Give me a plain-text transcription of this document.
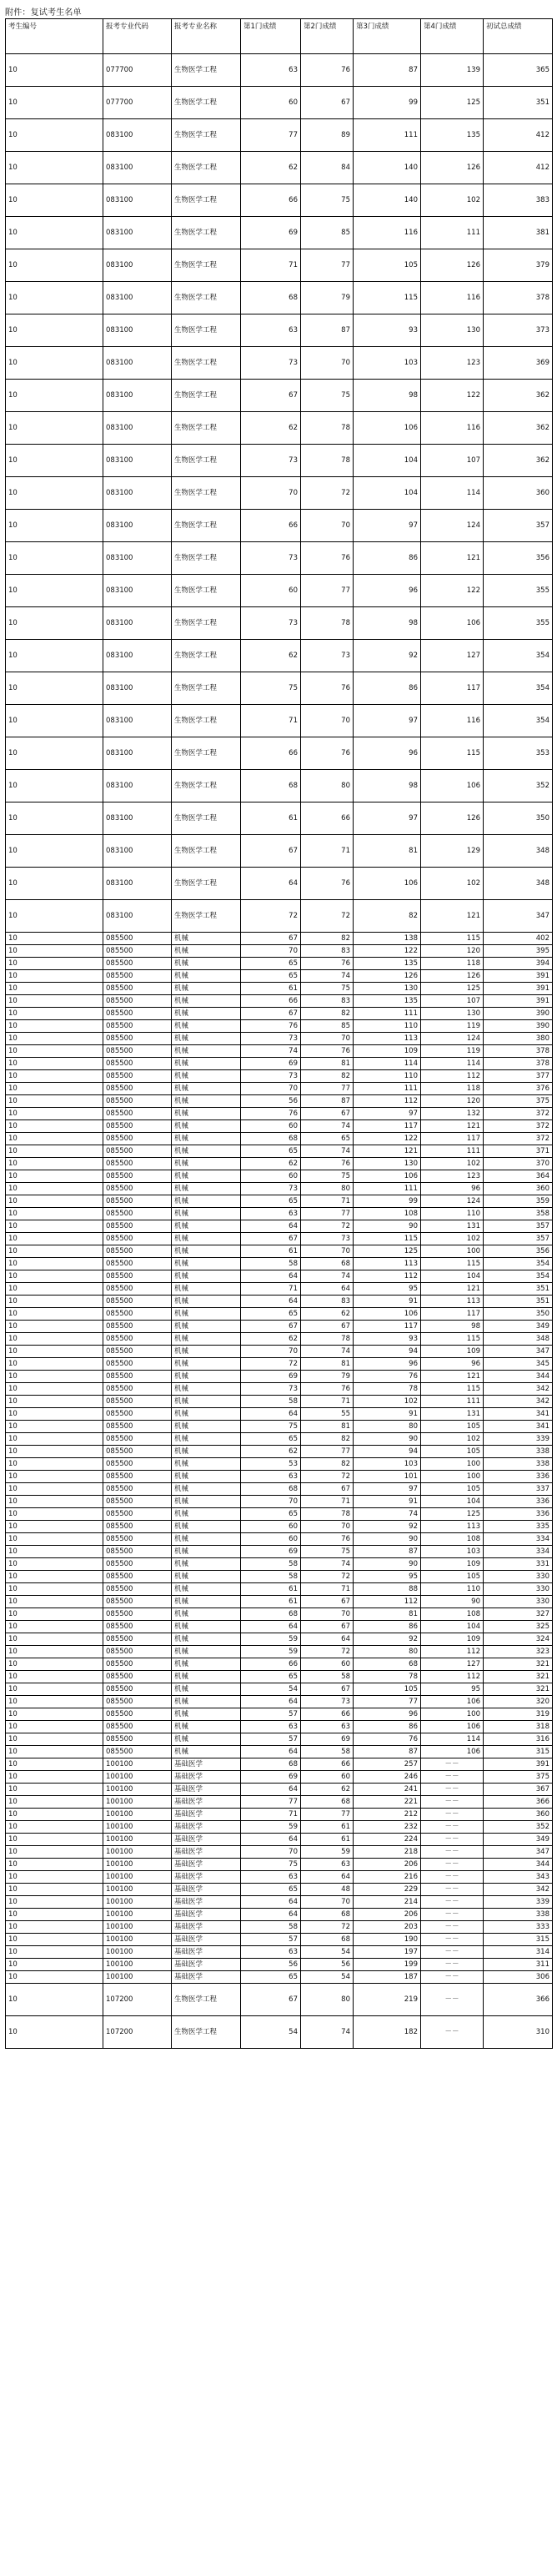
附件：复试考生名单
考生编号	报考专业代码	报考专业名称	第1门成绩	第2门成绩	第3门成绩	第4门成绩	初试总成绩
10	077700	生物医学工程	63	76	87	139	365
10	077700	生物医学工程	60	67	99	125	351
10	083100	生物医学工程	77	89	111	135	412
10	083100	生物医学工程	62	84	140	126	412
10	083100	生物医学工程	66	75	140	102	383
10	083100	生物医学工程	69	85	116	111	381
10	083100	生物医学工程	71	77	105	126	379
10	083100	生物医学工程	68	79	115	116	378
10	083100	生物医学工程	63	87	93	130	373
10	083100	生物医学工程	73	70	103	123	369
10	083100	生物医学工程	67	75	98	122	362
10	083100	生物医学工程	62	78	106	116	362
10	083100	生物医学工程	73	78	104	107	362
10	083100	生物医学工程	70	72	104	114	360
10	083100	生物医学工程	66	70	97	124	357
10	083100	生物医学工程	73	76	86	121	356
10	083100	生物医学工程	60	77	96	122	355
10	083100	生物医学工程	73	78	98	106	355
10	083100	生物医学工程	62	73	92	127	354
10	083100	生物医学工程	75	76	86	117	354
10	083100	生物医学工程	71	70	97	116	354
10	083100	生物医学工程	66	76	96	115	353
10	083100	生物医学工程	68	80	98	106	352
10	083100	生物医学工程	61	66	97	126	350
10	083100	生物医学工程	67	71	81	129	348
10	083100	生物医学工程	64	76	106	102	348
10	083100	生物医学工程	72	72	82	121	347
10	085500	机械	67	82	138	115	402
10	085500	机械	70	83	122	120	395
10	085500	机械	65	76	135	118	394
10	085500	机械	65	74	126	126	391
10	085500	机械	61	75	130	125	391
10	085500	机械	66	83	135	107	391
10	085500	机械	67	82	111	130	390
10	085500	机械	76	85	110	119	390
10	085500	机械	73	70	113	124	380
10	085500	机械	74	76	109	119	378
10	085500	机械	69	81	114	114	378
10	085500	机械	73	82	110	112	377
10	085500	机械	70	77	111	118	376
10	085500	机械	56	87	112	120	375
10	085500	机械	76	67	97	132	372
10	085500	机械	60	74	117	121	372
10	085500	机械	68	65	122	117	372
10	085500	机械	65	74	121	111	371
10	085500	机械	62	76	130	102	370
10	085500	机械	60	75	106	123	364
10	085500	机械	73	80	111	96	360
10	085500	机械	65	71	99	124	359
10	085500	机械	63	77	108	110	358
10	085500	机械	64	72	90	131	357
10	085500	机械	67	73	115	102	357
10	085500	机械	61	70	125	100	356
10	085500	机械	58	68	113	115	354
10	085500	机械	64	74	112	104	354
10	085500	机械	71	64	95	121	351
10	085500	机械	64	83	91	113	351
10	085500	机械	65	62	106	117	350
10	085500	机械	67	67	117	98	349
10	085500	机械	62	78	93	115	348
10	085500	机械	70	74	94	109	347
10	085500	机械	72	81	96	96	345
10	085500	机械	69	79	76	121	344
10	085500	机械	73	76	78	115	342
10	085500	机械	58	71	102	111	342
10	085500	机械	64	55	91	131	341
10	085500	机械	75	81	80	105	341
10	085500	机械	65	82	90	102	339
10	085500	机械	62	77	94	105	338
10	085500	机械	53	82	103	100	338
10	085500	机械	63	72	101	100	336
10	085500	机械	68	67	97	105	337
10	085500	机械	70	71	91	104	336
10	085500	机械	65	78	74	125	336
10	085500	机械	60	70	92	113	335
10	085500	机械	60	76	90	108	334
10	085500	机械	69	75	87	103	334
10	085500	机械	58	74	90	109	331
10	085500	机械	58	72	95	105	330
10	085500	机械	61	71	88	110	330
10	085500	机械	61	67	112	90	330
10	085500	机械	68	70	81	108	327
10	085500	机械	64	67	86	104	325
10	085500	机械	59	64	92	109	324
10	085500	机械	59	72	80	112	323
10	085500	机械	66	60	68	127	321
10	085500	机械	65	58	78	112	321
10	085500	机械	54	67	105	95	321
10	085500	机械	64	73	77	106	320
10	085500	机械	57	66	96	100	319
10	085500	机械	63	63	86	106	318
10	085500	机械	57	69	76	114	316
10	085500	机械	64	58	87	106	315
10	100100	基础医学	68	66	257	－－	391
10	100100	基础医学	69	60	246	－－	375
10	100100	基础医学	64	62	241	－－	367
10	100100	基础医学	77	68	221	－－	366
10	100100	基础医学	71	77	212	－－	360
10	100100	基础医学	59	61	232	－－	352
10	100100	基础医学	64	61	224	－－	349
10	100100	基础医学	70	59	218	－－	347
10	100100	基础医学	75	63	206	－－	344
10	100100	基础医学	63	64	216	－－	343
10	100100	基础医学	65	48	229	－－	342
10	100100	基础医学	64	70	214	－－	339
10	100100	基础医学	64	68	206	－－	338
10	100100	基础医学	58	72	203	－－	333
10	100100	基础医学	57	68	190	－－	315
10	100100	基础医学	63	54	197	－－	314
10	100100	基础医学	56	56	199	－－	311
10	100100	基础医学	65	54	187	－－	306
10	107200	生物医学工程	67	80	219	－－	366
10	107200	生物医学工程	54	74	182	－－	310
